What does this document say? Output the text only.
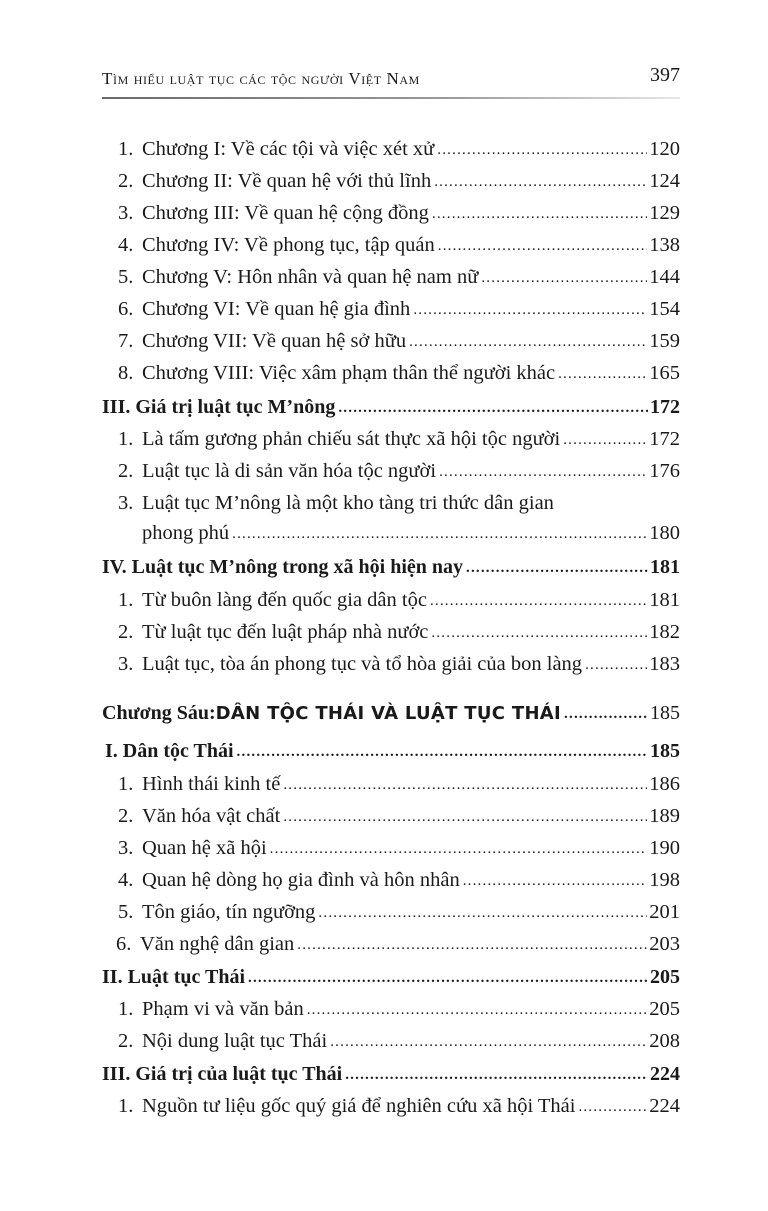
Tìm hiểu luật tục các tộc người Việt Nam	397
1. Chương I: Về các tội và việc xét xử .....	120
2. Chương II: Về quan hệ với thủ lĩnh .....	124
3. Chương III: Về quan hệ cộng đồng .....	129
4. Chương IV: Về phong tục, tập quán .....	138
5. Chương V: Hôn nhân và quan hệ nam nữ .....	144
6. Chương VI: Về quan hệ gia đình .....	154
7. Chương VII: Về quan hệ sở hữu .....	159
8. Chương VIII: Việc xâm phạm thân thể người khác .....	165
III. Giá trị luật tục M’nông .....	172
1. Là tấm gương phản chiếu sát thực xã hội tộc người .....	172
2. Luật tục là di sản văn hóa tộc người .....	176
3. Luật tục M’nông là một kho tàng tri thức dân gian
phong phú .....	180
IV. Luật tục M’nông trong xã hội hiện nay .....	181
1. Từ buôn làng đến quốc gia dân tộc .....	181
2. Từ luật tục đến luật pháp nhà nước .....	182
3. Luật tục, tòa án phong tục và tổ hòa giải của bon làng .....	183
Chương Sáu: DÂN TỘC THÁI VÀ LUẬT TỤC THÁI .....	185
I. Dân tộc Thái .....	185
1. Hình thái kinh tế .....	186
2. Văn hóa vật chất .....	189
3. Quan hệ xã hội .....	190
4. Quan hệ dòng họ gia đình và hôn nhân .....	198
5. Tôn giáo, tín ngưỡng .....	201
6. Văn nghệ dân gian .....	203
II. Luật tục Thái .....	205
1. Phạm vi và văn bản .....	205
2. Nội dung luật tục Thái .....	208
III. Giá trị của luật tục Thái .....	224
1. Nguồn tư liệu gốc quý giá để nghiên cứu xã hội Thái .....	224
